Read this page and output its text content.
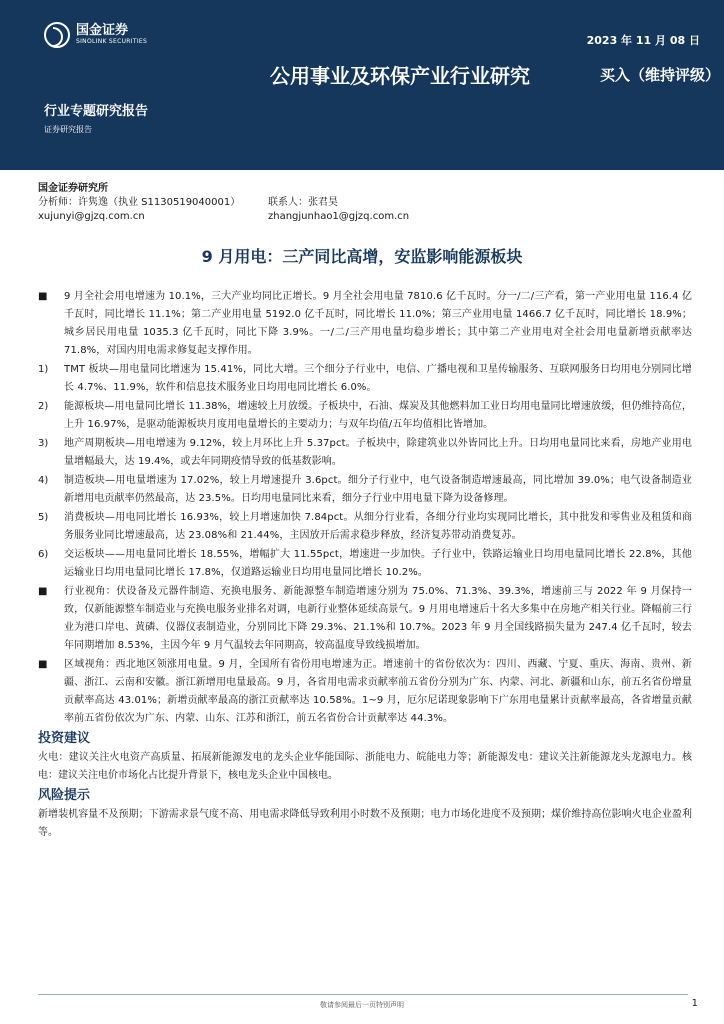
国金证券
SINOLINK SECURITIES	2023 年 11 月 08 日
公用事业及环保产业行业研究	买入（维持评级）
行业专题研究报告
证券研究报告
国金证券研究所
分析师：许隽逸（执业 S1130519040001）	联系人：张君昊
xujunyi@gjzq.com.cn	zhangjunhao1@gjzq.com.cn
9 月用电：三产同比高增，安监影响能源板块
■	9 月全社会用电增速为 10.1%，三大产业均同比正增长。9 月全社会用电量 7810.6 亿千瓦时。分一/二/三产看，第一产业用电量 116.4 亿千瓦时，同比增长 11.1%；第二产业用电量 5192.0 亿千瓦时，同比增长 11.0%；第三产业用电量 1466.7 亿千瓦时，同比增长 18.9%；城乡居民用电量 1035.3 亿千瓦时，同比下降 3.9%。一/二/三产用电量均稳步增长；其中第二产业用电对全社会用电量新增贡献率达 71.8%，对国内用电需求修复起支撑作用。
1)	TMT 板块—用电量同比增速为 15.41%，同比大增。三个细分子行业中，电信、广播电视和卫星传输服务、互联网服务日均用电分别同比增长 4.7%、11.9%，软件和信息技术服务业日均用电同比增长 6.0%。
2)	能源板块—用电量同比增长 11.38%，增速较上月放缓。子板块中，石油、煤炭及其他燃料加工业日均用电量同比增速放缓，但仍维持高位，上升 16.97%，是驱动能源板块月度用电量增长的主要动力；与双年均值/五年均值相比皆增加。
3)	地产周期板块—用电增速为 9.12%，较上月环比上升 5.37pct。子板块中，除建筑业以外皆同比上升。日均用电量同比来看，房地产业用电量增幅最大，达 19.4%，或去年同期疫情导致的低基数影响。
4)	制造板块—用电量增速为 17.02%，较上月增速提升 3.6pct。细分子行业中，电气设备制造增速最高，同比增加 39.0%；电气设备制造业新增用电贡献率仍然最高，达 23.5%。日均用电量同比来看，细分子行业中用电量下降为设备修理。
5)	消费板块—用电同比增长 16.93%，较上月增速加快 7.84pct。从细分行业看，各细分行业均实现同比增长，其中批发和零售业及租赁和商务服务业同比增速最高，达 23.08%和 21.44%，主因放开后需求稳步释放，经济复苏带动消费复苏。
6)	交运板块——用电量同比增长 18.55%，增幅扩大 11.55pct，增速进一步加快。子行业中，铁路运输业日均用电量同比增长 22.8%，其他运输业日均用电量同比增长 17.8%，仅道路运输业日均用电量同比增长 10.2%。
■	行业视角：伏设备及元器件制造、充换电服务、新能源整车制造增速分别为 75.0%、71.3%、39.3%，增速前三与 2022 年 9 月保持一致，仅新能源整车制造业与充换电服务业排名对调，电新行业整体延续高景气。9 月用电增速后十名大多集中在房地产相关行业。降幅前三行业为港口岸电、黄磷、仪器仪表制造业，分别同比下降 29.3%、21.1%和 10.7%。2023 年 9 月全国线路损失量为 247.4 亿千瓦时，较去年同期增加 8.53%，主因今年 9 月气温较去年同期高，较高温度导致线损增加。
■	区域视角：西北地区领涨用电量。9 月，全国所有省份用电增速为正。增速前十的省份依次为：四川、西藏、宁夏、重庆、海南、贵州、新疆、浙江、云南和安徽。浙江新增用电量最高。9 月，各省用电需求贡献率前五省份分别为广东、内蒙、河北、新疆和山东，前五名省份增量贡献率高达 43.01%；新增贡献率最高的浙江贡献率达 10.58%。1~9 月，厄尔尼诺现象影响下广东用电量累计贡献率最高，各省增量贡献率前五省份依次为广东、内蒙、山东、江苏和浙江，前五名省份合计贡献率达 44.3%。
投资建议
火电：建议关注火电资产高质量、拓展新能源发电的龙头企业华能国际、浙能电力、皖能电力等；新能源发电：建议关注新能源龙头龙源电力。核电：建议关注电价市场化占比提升背景下，核电龙头企业中国核电。
风险提示
新增装机容量不及预期；下游需求景气度不高、用电需求降低导致利用小时数不及预期；电力市场化进度不及预期；煤价维持高位影响火电企业盈利等。
敬请参阅最后一页特别声明	1
